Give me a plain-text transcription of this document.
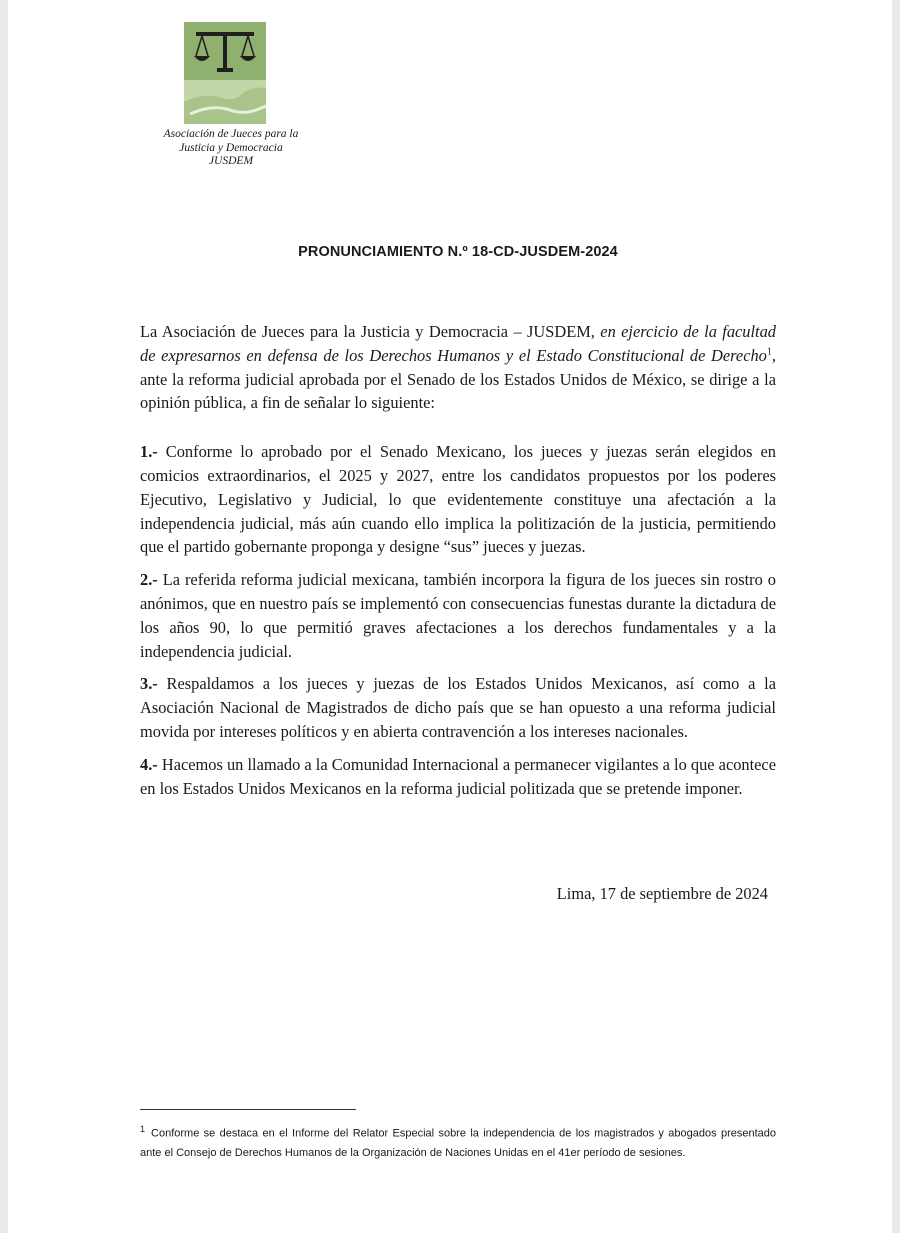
Asociación de Jueces para la
Justicia y Democracia
JUSDEM
PRONUNCIAMIENTO N.º 18-CD-JUSDEM-2024

La Asociación de Jueces para la Justicia y Democracia – JUSDEM, en ejercicio de la facultad de expresarnos en defensa de los Derechos Humanos y el Estado Constitucional de Derecho$^1$, ante la reforma judicial aprobada por el Senado de los Estados Unidos de México, se dirige a la opinión pública, a fin de señalar lo siguiente:

1.- Conforme lo aprobado por el Senado Mexicano, los jueces y juezas serán elegidos en comicios extraordinarios, el 2025 y 2027, entre los candidatos propuestos por los poderes Ejecutivo, Legislativo y Judicial, lo que evidentemente constituye una afectación a la independencia judicial, más aún cuando ello implica la politización de la justicia, permitiendo que el partido gobernante proponga y designe “sus” jueces y juezas.

2.- La referida reforma judicial mexicana, también incorpora la figura de los jueces sin rostro o anónimos, que en nuestro país se implementó con consecuencias funestas durante la dictadura de los años 90, lo que permitió graves afectaciones a los derechos fundamentales y a la independencia judicial.

3.- Respaldamos a los jueces y juezas de los Estados Unidos Mexicanos, así como a la Asociación Nacional de Magistrados de dicho país que se han opuesto a una reforma judicial movida por intereses políticos y en abierta contravención a los intereses nacionales.

4.- Hacemos un llamado a la Comunidad Internacional a permanecer vigilantes a lo que acontece en los Estados Unidos Mexicanos en la reforma judicial politizada que se pretende imponer.

Lima, 17 de septiembre de 2024
$^1$ Conforme se destaca en el Informe del Relator Especial sobre la independencia de los magistrados y abogados presentado ante el Consejo de Derechos Humanos de la Organización de Naciones Unidas en el 41er período de sesiones.
